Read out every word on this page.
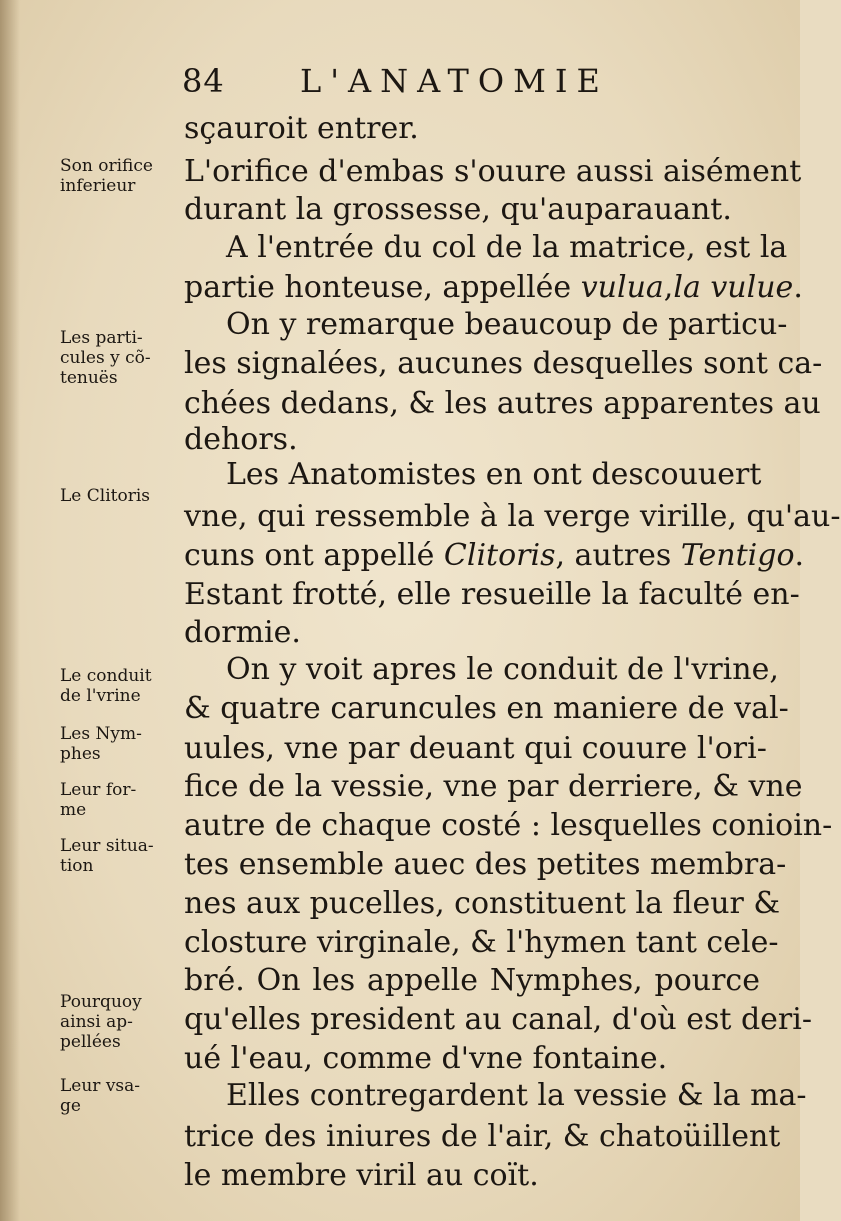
84 L'ANATOMIE
sçauroit entrer.
L'orifice d'embas s'ouure aussi aisément
durant la grossesse, qu'auparauant.
A l'entrée du col de la matrice, est la
partie honteuse, appellée vulua,la vulue.
On y remarque beaucoup de particu-
les signalées, aucunes desquelles sont ca-
chées dedans, & les autres apparentes au
dehors.
Les Anatomistes en ont descouuert
vne, qui ressemble à la verge virille, qu'au-
cuns ont appellé Clitoris, autres Tentigo.
Estant frotté, elle resueille la faculté en-
dormie.
On y voit apres le conduit de l'vrine,
& quatre caruncules en maniere de val-
uules, vne par deuant qui couure l'ori-
fice de la vessie, vne par derriere, & vne
autre de chaque costé : lesquelles conioin-
tes ensemble auec des petites membra-
nes aux pucelles, constituent la fleur &
closture virginale, & l'hymen tant cele-
bré. On les appelle Nymphes, pource
qu'elles president au canal, d'où est deri-
ué l'eau, comme d'vne fontaine.
Elles contregardent la vessie & la ma-
trice des iniures de l'air, & chatoüillent
le membre viril au coït.
Son orifice
inferieur
Les parti-
cules y cõ-
tenuës
Le Clitoris
Le conduit
de l'vrine
Les Nym-
phes
Leur for-
me
Leur situa-
tion
Pourquoy
ainsi ap-
pellées
Leur vsa-
ge
